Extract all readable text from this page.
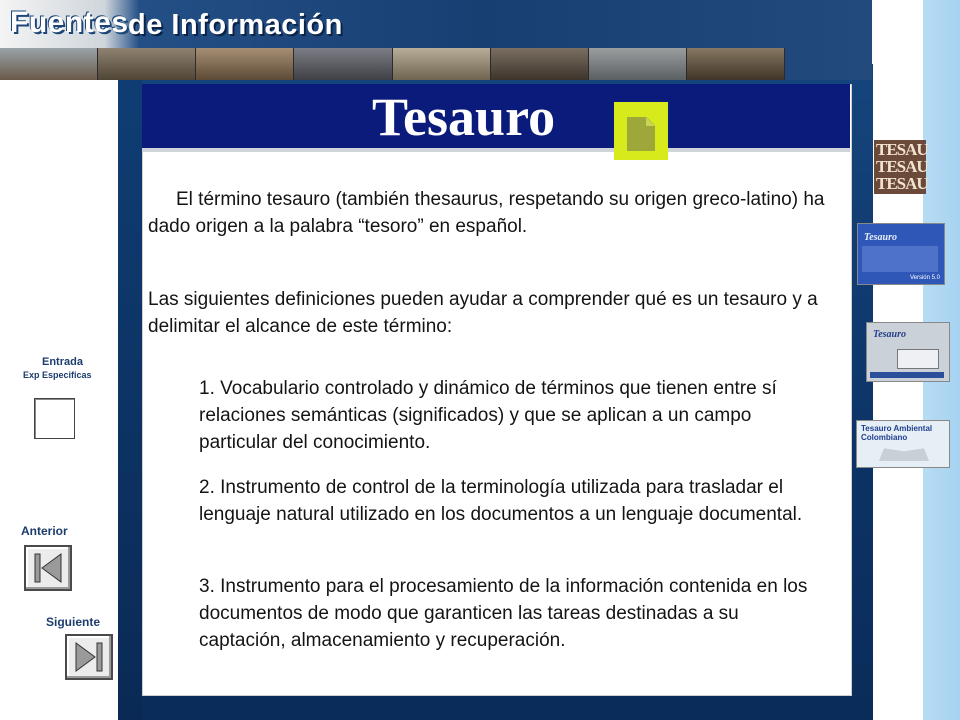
Fuentes de Información
Tesauro
El término tesauro (también thesaurus, respetando su origen greco-latino) ha dado origen a la palabra “tesoro” en español.
Las siguientes definiciones pueden ayudar a comprender qué es un tesauro y a delimitar el alcance de este término:
1. Vocabulario controlado y dinámico de términos que tienen entre sí relaciones semánticas (significados) y que se aplican a un campo particular del conocimiento.
2. Instrumento de control de la terminología utilizada para trasladar el lenguaje natural utilizado en los documentos a un lenguaje documental.
3. Instrumento para el procesamiento de la información contenida en los documentos de modo que garanticen las tareas destinadas a su captación, almacenamiento y recuperación.
Entrada
Exp Especificas
Anterior
Siguiente
TESAU
TESAU
TESAU
Tesauro
Versión 5.0
Tesauro
Tesauro Ambiental Colombiano
